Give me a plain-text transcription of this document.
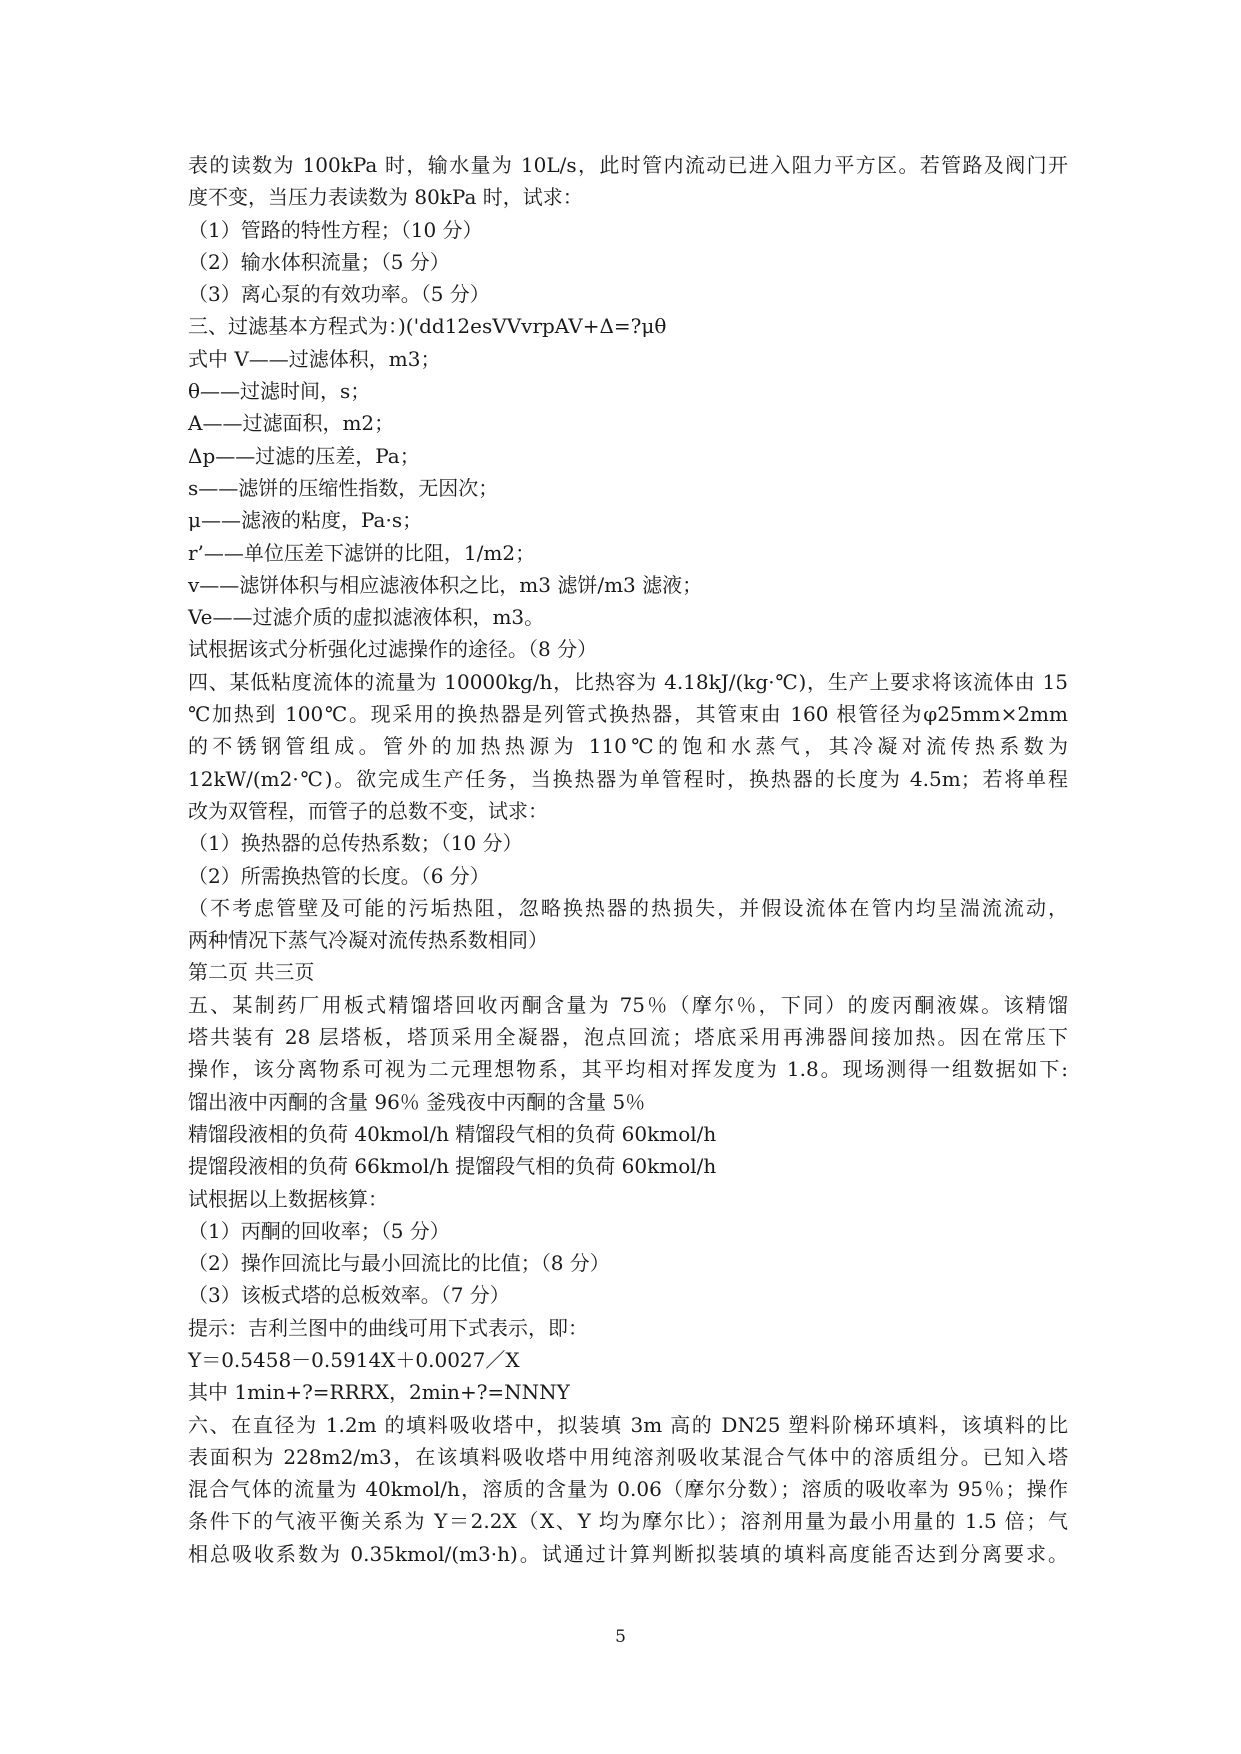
表的读数为 100kPa 时，输水量为 10L/s，此时管内流动已进入阻力平方区。若管路及阀门开
度不变，当压力表读数为 80kPa 时，试求：
（1）管路的特性方程；（10 分）
（2）输水体积流量；（5 分）
（3）离心泵的有效功率。（5 分）
三、过滤基本方程式为：)('dd12esVVvrpAV+Δ=?μθ
式中 V——过滤体积，m3；
θ——过滤时间，s；
A——过滤面积，m2；
Δp——过滤的压差，Pa；
s——滤饼的压缩性指数，无因次；
μ——滤液的粘度，Pa·s；
r’——单位压差下滤饼的比阻，1/m2；
v——滤饼体积与相应滤液体积之比，m3 滤饼/m3 滤液；
Ve——过滤介质的虚拟滤液体积，m3。
试根据该式分析强化过滤操作的途径。（8 分）
四、某低粘度流体的流量为 10000kg/h，比热容为 4.18kJ/(kg·℃)，生产上要求将该流体由 15
℃加热到 100℃。现采用的换热器是列管式换热器，其管束由 160 根管径为φ25mm×2mm
的不锈钢管组成。管外的加热热源为 110℃的饱和水蒸气，其冷凝对流传热系数为
12kW/(m2·℃)。欲完成生产任务，当换热器为单管程时，换热器的长度为 4.5m；若将单程
改为双管程，而管子的总数不变，试求：
（1）换热器的总传热系数；（10 分）
（2）所需换热管的长度。（6 分）
（不考虑管壁及可能的污垢热阻，忽略换热器的热损失，并假设流体在管内均呈湍流流动，
两种情况下蒸气冷凝对流传热系数相同）
第二页 共三页
五、某制药厂用板式精馏塔回收丙酮含量为 75％（摩尔％，下同）的废丙酮液媒。该精馏
塔共装有 28 层塔板，塔顶采用全凝器，泡点回流；塔底采用再沸器间接加热。因在常压下
操作，该分离物系可视为二元理想物系，其平均相对挥发度为 1.8。现场测得一组数据如下:
馏出液中丙酮的含量 96％ 釜残夜中丙酮的含量 5％
精馏段液相的负荷 40kmol/h 精馏段气相的负荷 60kmol/h
提馏段液相的负荷 66kmol/h 提馏段气相的负荷 60kmol/h
试根据以上数据核算：
（1）丙酮的回收率；（5 分）
（2）操作回流比与最小回流比的比值；（8 分）
（3）该板式塔的总板效率。（7 分）
提示：吉利兰图中的曲线可用下式表示，即：
Y＝0.5458－0.5914X＋0.0027／X
其中 1min+?=RRRX，2min+?=NNNY
六、在直径为 1.2m 的填料吸收塔中，拟装填 3m 高的 DN25 塑料阶梯环填料，该填料的比
表面积为 228m2/m3，在该填料吸收塔中用纯溶剂吸收某混合气体中的溶质组分。已知入塔
混合气体的流量为 40kmol/h，溶质的含量为 0.06（摩尔分数）；溶质的吸收率为 95％；操作
条件下的气液平衡关系为 Y＝2.2X（X、Y 均为摩尔比）；溶剂用量为最小用量的 1.5 倍；气
相总吸收系数为 0.35kmol/(m3·h)。试通过计算判断拟装填的填料高度能否达到分离要求。
5
